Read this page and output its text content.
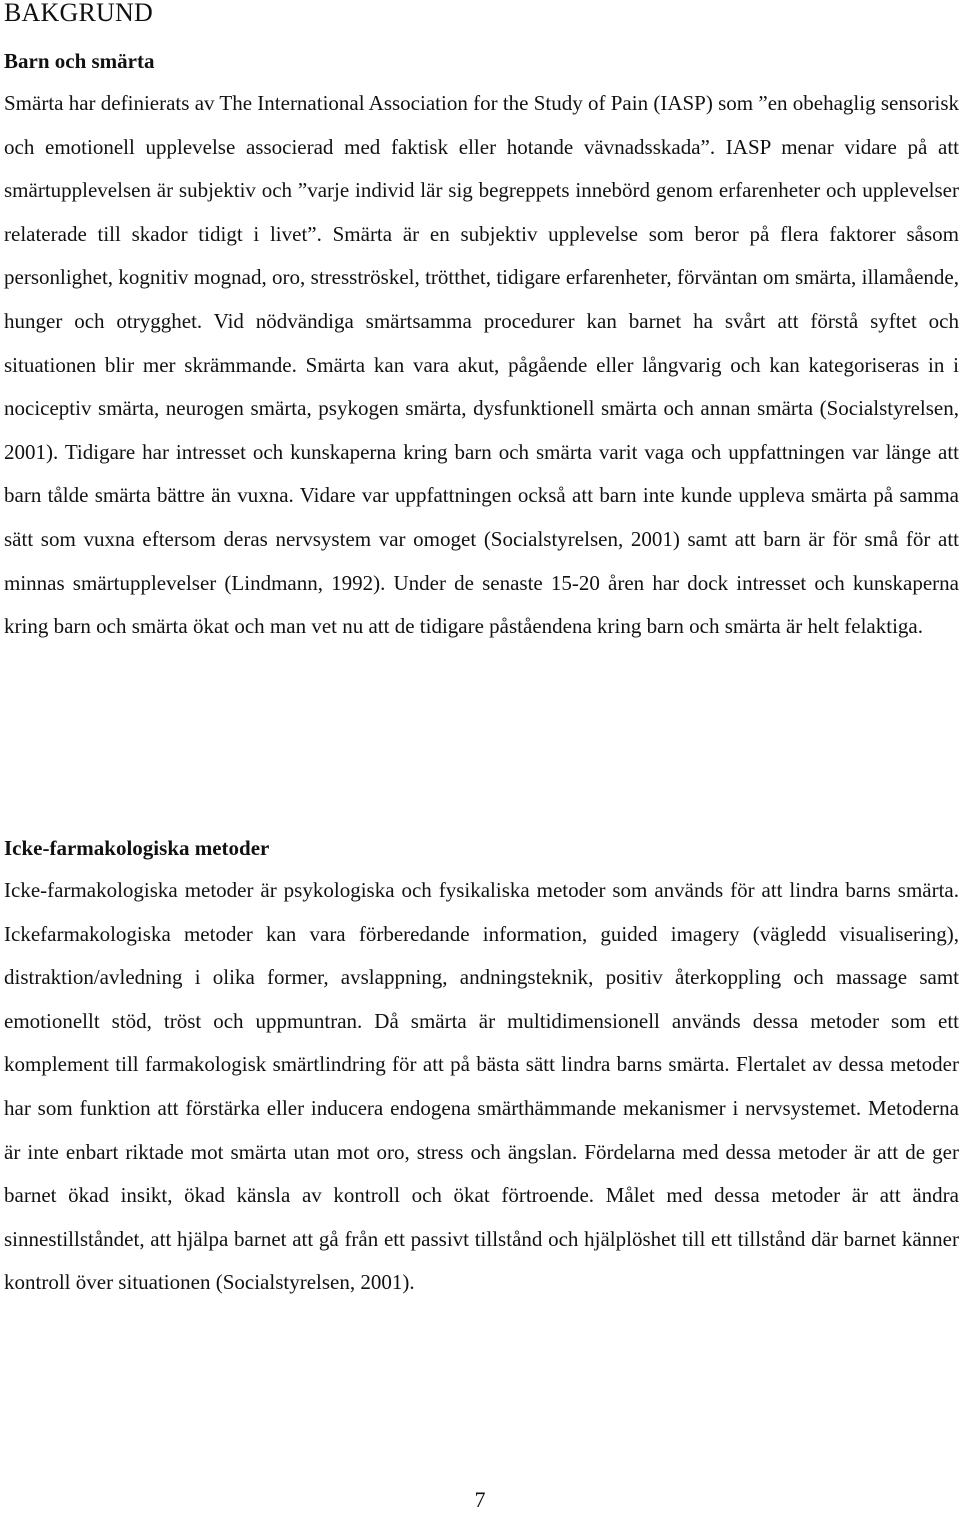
BAKGRUND
Barn och smärta

Smärta har definierats av The International Association for the Study of Pain (IASP) som ”en obehaglig sensorisk och emotionell upplevelse associerad med faktisk eller hotande vävnadsskada”. IASP menar vidare på att smärtupplevelsen är subjektiv och ”varje individ lär sig begreppets innebörd genom erfarenheter och upplevelser relaterade till skador tidigt i livet”. Smärta är en subjektiv upplevelse som beror på flera faktorer såsom personlighet, kognitiv mognad, oro, stresströskel, trötthet, tidigare erfarenheter, förväntan om smärta, illamående, hunger och otrygghet. Vid nödvändiga smärtsamma procedurer kan barnet ha svårt att förstå syftet och situationen blir mer skrämmande. Smärta kan vara akut, pågående eller långvarig och kan kategoriseras in i nociceptiv smärta, neurogen smärta, psykogen smärta, dysfunktionell smärta och annan smärta (Socialstyrelsen, 2001). Tidigare har intresset och kunskaperna kring barn och smärta varit vaga och uppfattningen var länge att barn tålde smärta bättre än vuxna. Vidare var uppfattningen också att barn inte kunde uppleva smärta på samma sätt som vuxna eftersom deras nervsystem var omoget (Socialstyrelsen, 2001) samt att barn är för små för att minnas smärtupplevelser (Lindmann, 1992). Under de senaste 15-20 åren har dock intresset och kunskaperna kring barn och smärta ökat och man vet nu att de tidigare påståendena kring barn och smärta är helt felaktiga.

Icke-farmakologiska metoder

Icke-farmakologiska metoder är psykologiska och fysikaliska metoder som används för att lindra barns smärta. Ickefarmakologiska metoder kan vara förberedande information, guided imagery (vägledd visualisering), distraktion/avledning i olika former, avslappning, andningsteknik, positiv återkoppling och massage samt emotionellt stöd, tröst och uppmuntran. Då smärta är multidimensionell används dessa metoder som ett komplement till farmakologisk smärtlindring för att på bästa sätt lindra barns smärta. Flertalet av dessa metoder har som funktion att förstärka eller inducera endogena smärthämmande mekanismer i nervsystemet. Metoderna är inte enbart riktade mot smärta utan mot oro, stress och ängslan. Fördelarna med dessa metoder är att de ger barnet ökad insikt, ökad känsla av kontroll och ökat förtroende. Målet med dessa metoder är att ändra sinnestillståndet, att hjälpa barnet att gå från ett passivt tillstånd och hjälplöshet till ett tillstånd där barnet känner kontroll över situationen (Socialstyrelsen, 2001).

7
